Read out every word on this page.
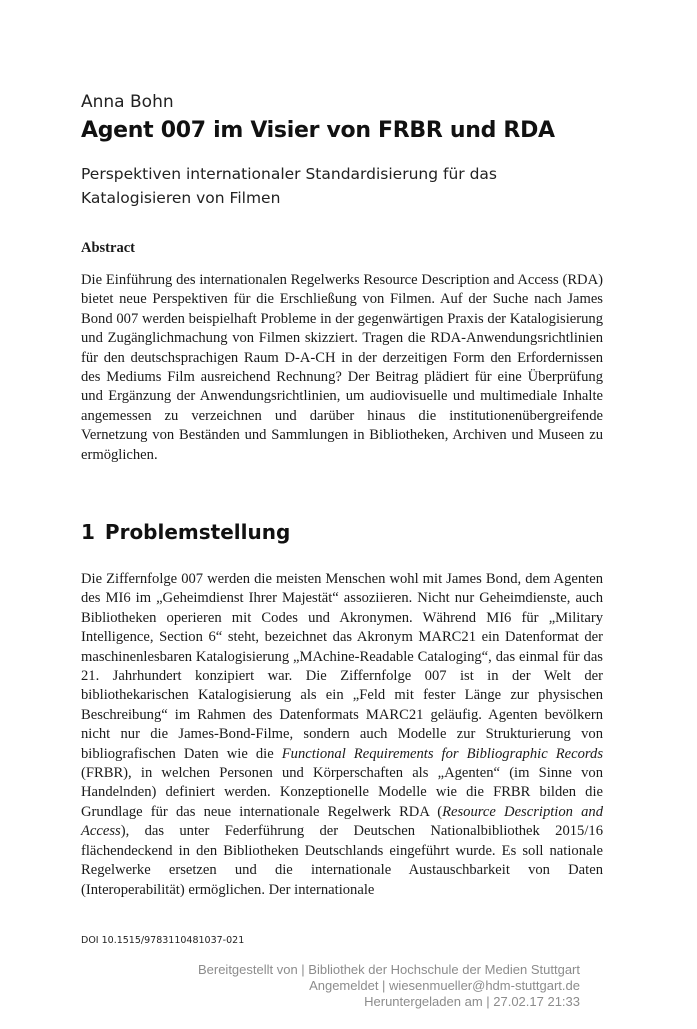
Anna Bohn
Agent 007 im Visier von FRBR und RDA
Perspektiven internationaler Standardisierung für das Katalogisieren von Filmen
Abstract

Die Einführung des internationalen Regelwerks Resource Description and Access (RDA) bietet neue Perspektiven für die Erschließung von Filmen. Auf der Suche nach James Bond 007 werden beispielhaft Probleme in der gegenwärtigen Praxis der Katalogisierung und Zugänglichmachung von Filmen skizziert. Tragen die RDA-Anwendungsrichtlinien für den deutschsprachigen Raum D-A-CH in der derzeitigen Form den Erfordernissen des Mediums Film ausreichend Rechnung? Der Beitrag plädiert für eine Überprüfung und Ergänzung der Anwendungsrichtlinien, um audiovisuelle und multimediale Inhalte angemessen zu verzeichnen und darüber hinaus die institutionenübergreifende Vernetzung von Beständen und Sammlungen in Bibliotheken, Archiven und Museen zu ermöglichen.

1 Problemstellung

Die Ziffernfolge 007 werden die meisten Menschen wohl mit James Bond, dem Agenten des MI6 im „Geheimdienst Ihrer Majestät“ assoziieren. Nicht nur Geheimdienste, auch Bibliotheken operieren mit Codes und Akronymen. Während MI6 für „Military Intelligence, Section 6“ steht, bezeichnet das Akronym MARC21 ein Datenformat der maschinenlesbaren Katalogisierung „MAchine-Readable Cataloging“, das einmal für das 21. Jahrhundert konzipiert war. Die Ziffernfolge 007 ist in der Welt der bibliothekarischen Katalogisierung als ein „Feld mit fester Länge zur physischen Beschreibung“ im Rahmen des Datenformats MARC21 geläufig. Agenten bevölkern nicht nur die James-Bond-Filme, sondern auch Modelle zur Strukturierung von bibliografischen Daten wie die Functional Requirements for Bibliographic Records (FRBR), in welchen Personen und Körperschaften als „Agenten“ (im Sinne von Handelnden) definiert werden. Konzeptionelle Modelle wie die FRBR bilden die Grundlage für das neue internationale Regelwerk RDA (Resource Description and Access), das unter Federführung der Deutschen Nationalbibliothek 2015/16 flächendeckend in den Bibliotheken Deutschlands eingeführt wurde. Es soll nationale Regelwerke ersetzen und die internationale Austauschbarkeit von Daten (Interoperabilität) ermöglichen. Der internationale

DOI 10.1515/9783110481037-021
Bereitgestellt von | Bibliothek der Hochschule der Medien Stuttgart
Angemeldet | wiesenmueller@hdm-stuttgart.de
Heruntergeladen am | 27.02.17 21:33
